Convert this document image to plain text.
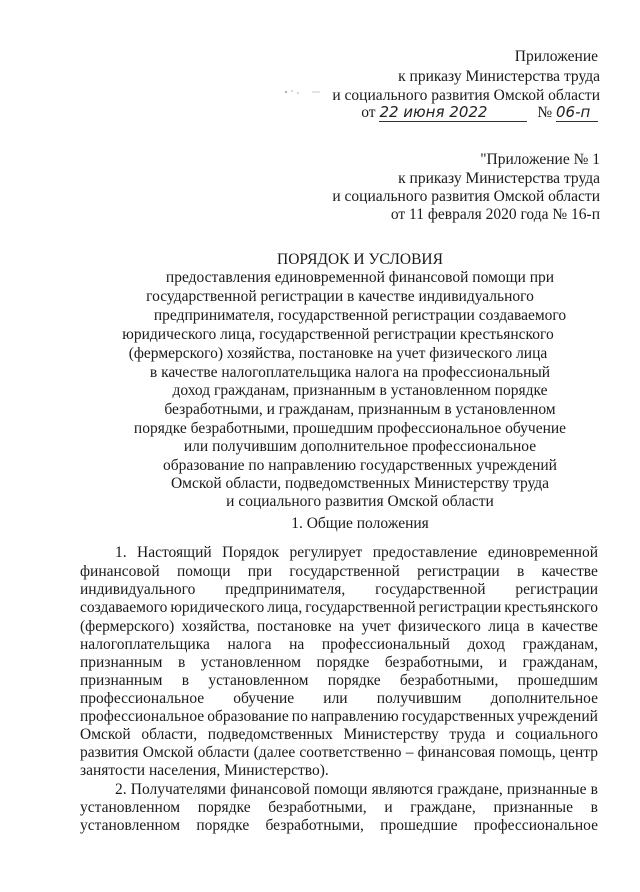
Приложение
к приказу Министерства труда
и социального развития Омской области
от 22 июня 2022	№ 06-п
"Приложение № 1
к приказу Министерства труда
и социального развития Омской области
от 11 февраля 2020 года № 16-п
ПОРЯДОК И УСЛОВИЯ
предоставления единовременной финансовой помощи при
государственной регистрации в качестве индивидуального
предпринимателя, государственной регистрации создаваемого
юридического лица, государственной регистрации крестьянского
(фермерского) хозяйства, постановке на учет физического лица
в качестве налогоплательщика налога на профессиональный
доход гражданам, признанным в установленном порядке
безработными, и гражданам, признанным в установленном
порядке безработными, прошедшим профессиональное обучение
или получившим дополнительное профессиональное
образование по направлению государственных учреждений
Омской области, подведомственных Министерству труда
и социального развития Омской области
1. Общие положения
1. Настоящий Порядок регулирует предоставление единовременной
финансовой помощи при государственной регистрации в качестве
индивидуального предпринимателя, государственной регистрации
создаваемого юридического лица, государственной регистрации крестьянского
(фермерского) хозяйства, постановке на учет физического лица в качестве
налогоплательщика налога на профессиональный доход гражданам,
признанным в установленном порядке безработными, и гражданам,
признанным в установленном порядке безработными, прошедшим
профессиональное обучение или получившим дополнительное
профессиональное образование по направлению государственных учреждений
Омской области, подведомственных Министерству труда и социального
развития Омской области (далее соответственно – финансовая помощь, центр
занятости населения, Министерство).
2. Получателями финансовой помощи являются граждане, признанные в
установленном порядке безработными, и граждане, признанные в
установленном порядке безработными, прошедшие профессиональное
